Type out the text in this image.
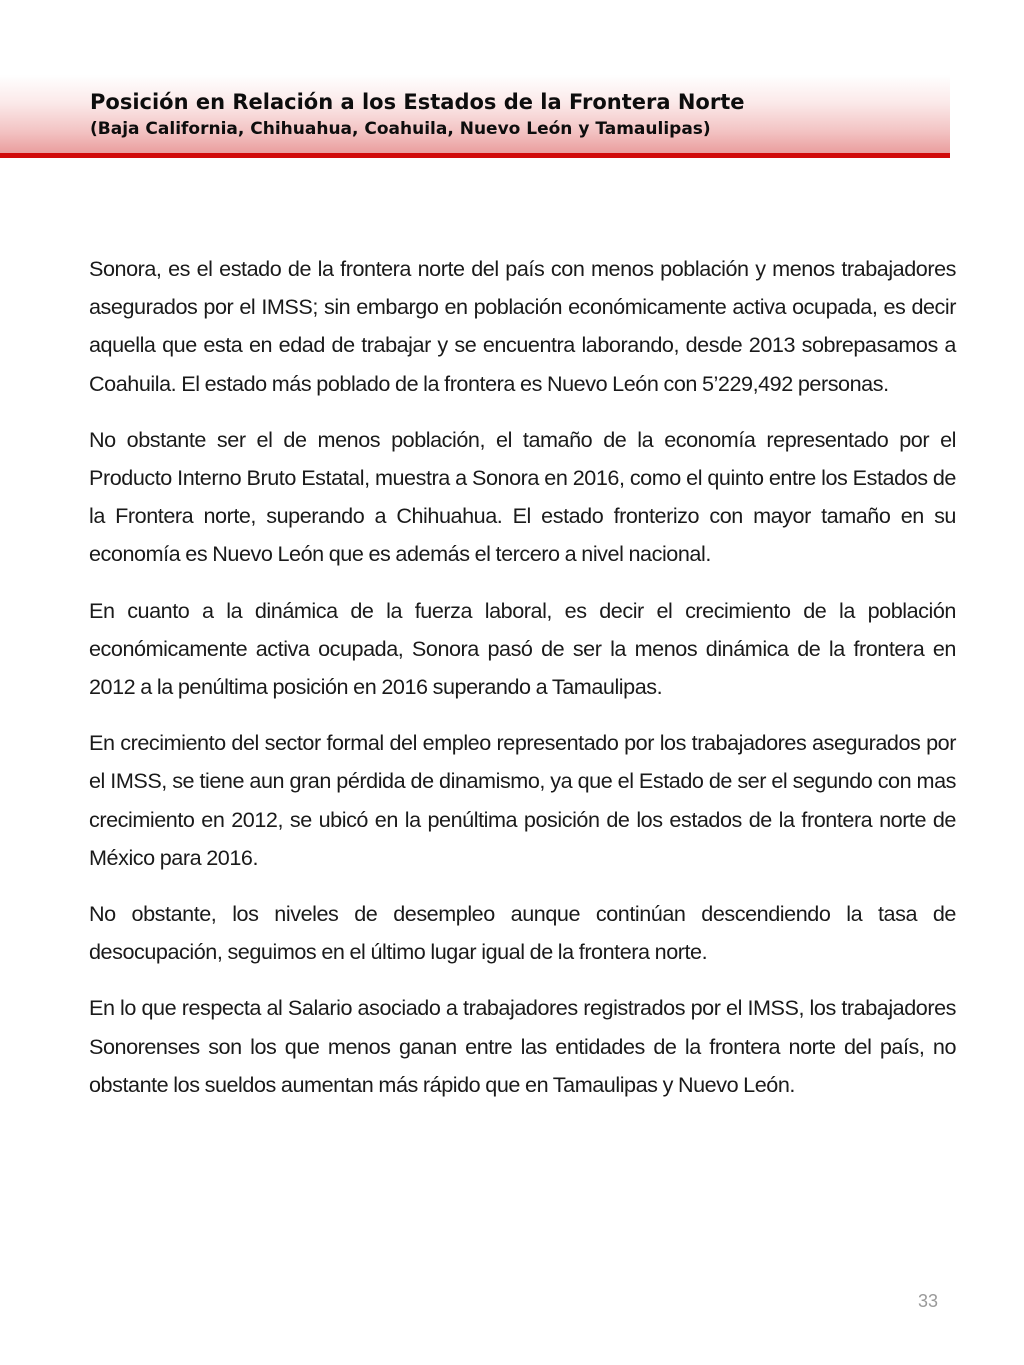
Posición en Relación a los Estados de la Frontera Norte
(Baja California, Chihuahua, Coahuila, Nuevo León y Tamaulipas)

Sonora, es el estado de la frontera norte del país con menos población y menos trabajadores asegurados por el IMSS; sin embargo en población económicamente activa ocupada, es decir aquella que esta en edad de trabajar y se encuentra laborando, desde 2013 sobrepasamos a Coahuila. El estado más poblado de la frontera es Nuevo León con 5’229,492 personas.

No obstante ser el de menos población, el tamaño de la economía representado por el Producto Interno Bruto Estatal, muestra a Sonora en 2016, como el quinto entre los Estados de la Frontera norte, superando a Chihuahua. El estado fronterizo con mayor tamaño en su economía es Nuevo León que es además el tercero a nivel nacional.

En cuanto a la dinámica de la fuerza laboral, es decir el crecimiento de la población económicamente activa ocupada, Sonora pasó de ser la menos dinámica de la frontera en 2012 a la penúltima posición en 2016 superando a Tamaulipas.

En crecimiento del sector formal del empleo representado por los trabajadores asegurados por el IMSS, se tiene aun gran pérdida de dinamismo, ya que el Estado de ser el segundo con mas crecimiento en 2012, se ubicó en la penúltima posición de los estados de la frontera norte de México para 2016.

No obstante, los niveles de desempleo aunque continúan descendiendo la tasa de desocupación, seguimos en el último lugar igual de la frontera norte.

En lo que respecta al Salario asociado a trabajadores registrados por el IMSS, los trabajadores Sonorenses son los que menos ganan entre las entidades de la frontera norte del país, no obstante los sueldos aumentan más rápido que en Tamaulipas y Nuevo León.

33
